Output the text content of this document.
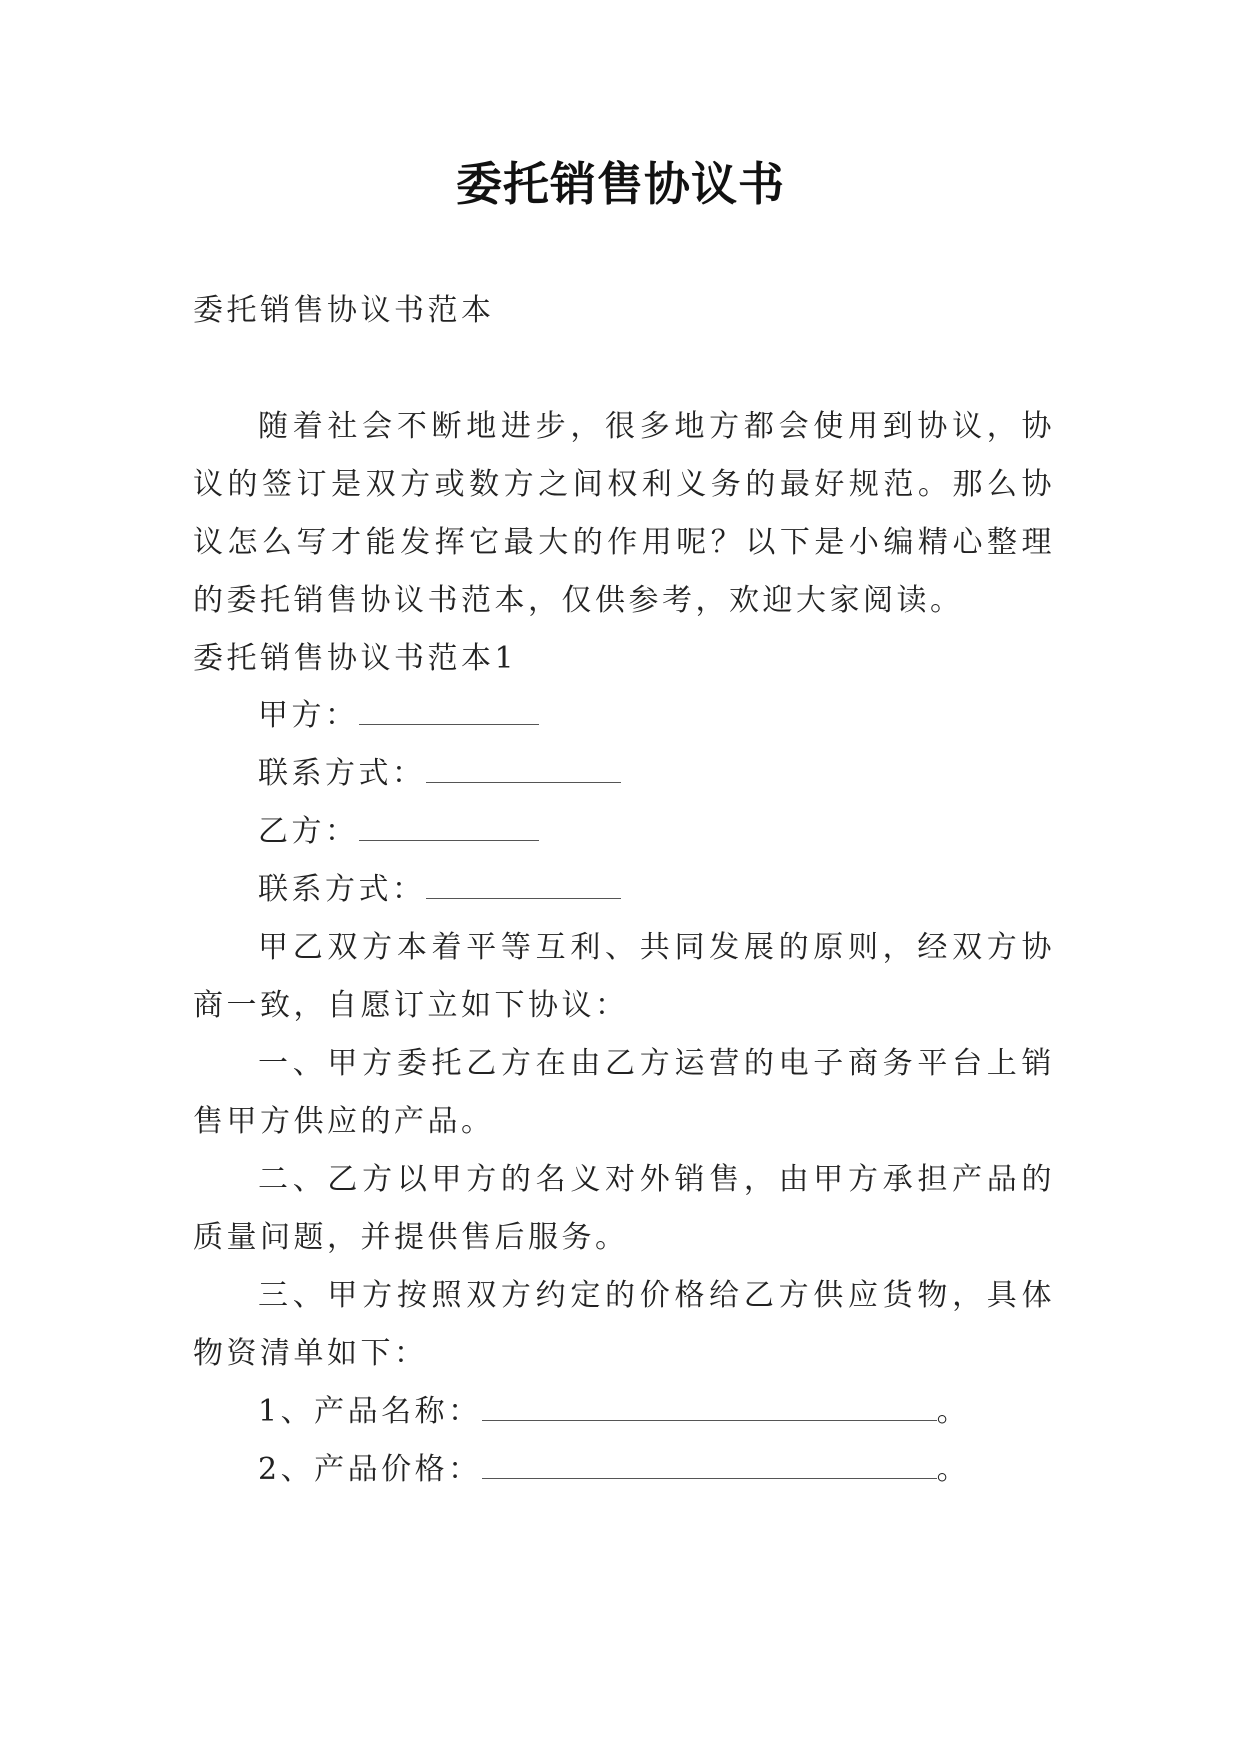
委托销售协议书
委托销售协议书范本

随着社会不断地进步，很多地方都会使用到协议，协议的签订是双方或数方之间权利义务的最好规范。那么协议怎么写才能发挥它最大的作用呢？以下是小编精心整理的委托销售协议书范本，仅供参考，欢迎大家阅读。

委托销售协议书范本1
甲方：
联系方式：
乙方：
联系方式：

甲乙双方本着平等互利、共同发展的原则，经双方协商一致，自愿订立如下协议：

一、甲方委托乙方在由乙方运营的电子商务平台上销售甲方供应的产品。

二、乙方以甲方的名义对外销售，由甲方承担产品的质量问题，并提供售后服务。

三、甲方按照双方约定的价格给乙方供应货物，具体物资清单如下：

1、产品名称：	。
2、产品价格：	。
